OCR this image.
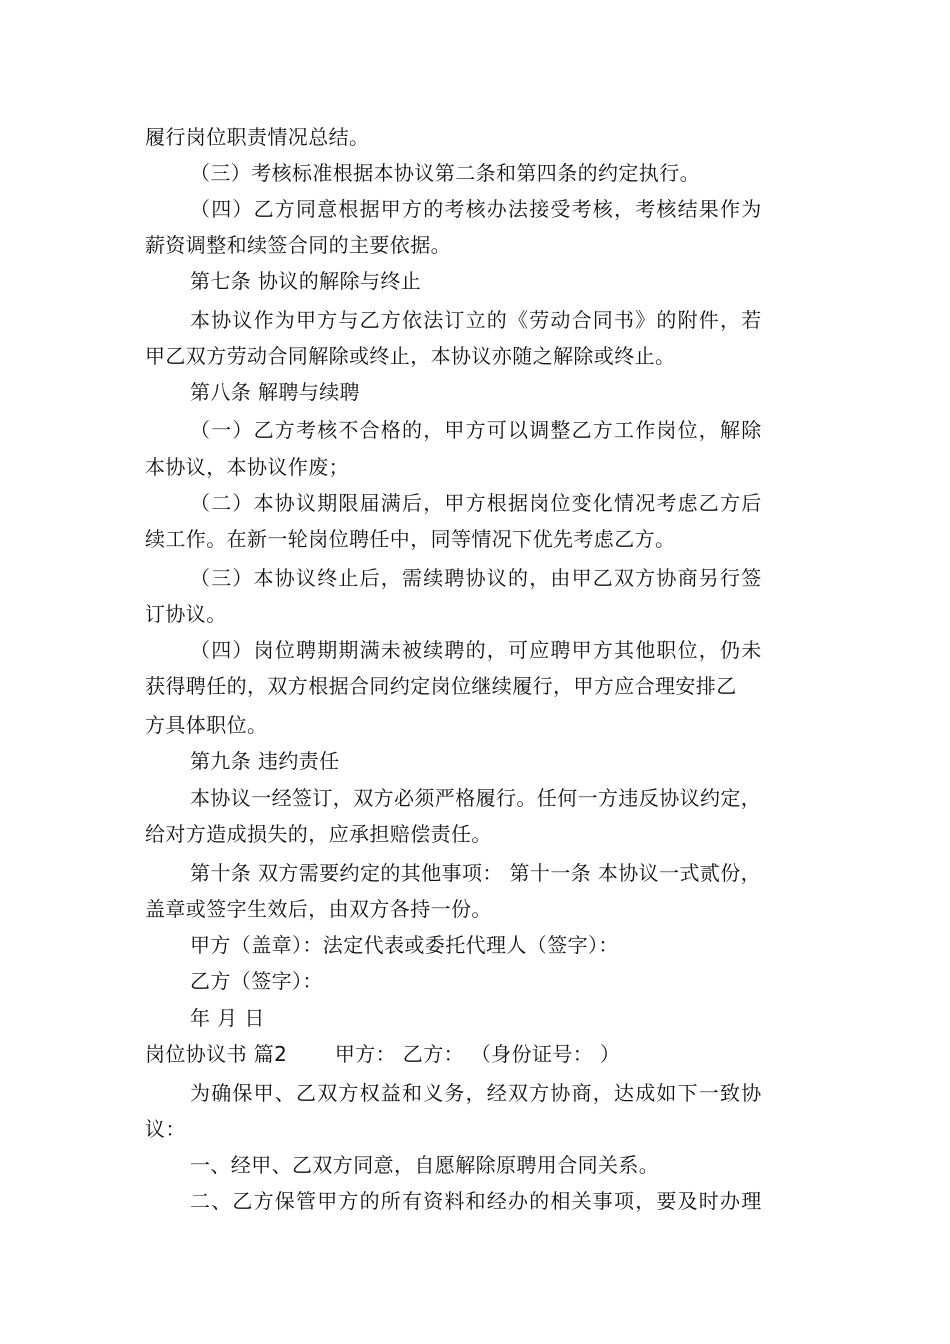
履行岗位职责情况总结。
（三）考核标准根据本协议第二条和第四条的约定执行。
（四）乙方同意根据甲方的考核办法接受考核，考核结果作为
薪资调整和续签合同的主要依据。
第七条 协议的解除与终止
本协议作为甲方与乙方依法订立的《劳动合同书》的附件，若
甲乙双方劳动合同解除或终止，本协议亦随之解除或终止。
第八条 解聘与续聘
（一）乙方考核不合格的，甲方可以调整乙方工作岗位，解除
本协议，本协议作废；
（二）本协议期限届满后，甲方根据岗位变化情况考虑乙方后
续工作。在新一轮岗位聘任中，同等情况下优先考虑乙方。
（三）本协议终止后，需续聘协议的，由甲乙双方协商另行签
订协议。
（四）岗位聘期期满未被续聘的，可应聘甲方其他职位，仍未
获得聘任的，双方根据合同约定岗位继续履行，甲方应合理安排乙
方具体职位。
第九条 违约责任
本协议一经签订，双方必须严格履行。任何一方违反协议约定，
给对方造成损失的，应承担赔偿责任。
第十条 双方需要约定的其他事项： 第十一条 本协议一式贰份，
盖章或签字生效后，由双方各持一份。
甲方（盖章）：法定代表或委托代理人（签字）：
乙方（签字）：
年 月 日
岗位协议书 篇2　　 甲方： 乙方： （身份证号： ）
为确保甲、乙双方权益和义务，经双方协商，达成如下一致协
议：
一、经甲、乙双方同意，自愿解除原聘用合同关系。
二、乙方保管甲方的所有资料和经办的相关事项，要及时办理
